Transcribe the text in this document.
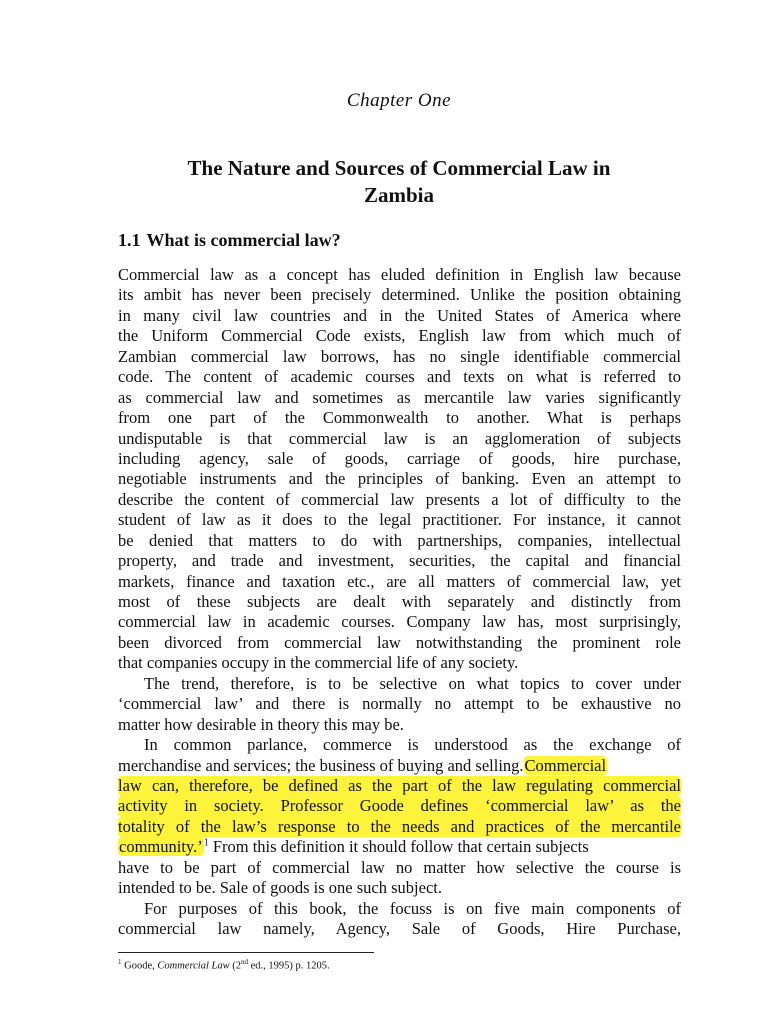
Chapter One
The Nature and Sources of Commercial Law in
Zambia
1.1 What is commercial law?
Commercial law as a concept has eluded definition in English law because
its ambit has never been precisely determined. Unlike the position obtaining
in many civil law countries and in the United States of America where
the Uniform Commercial Code exists, English law from which much of
Zambian commercial law borrows, has no single identifiable commercial
code. The content of academic courses and texts on what is referred to
as commercial law and sometimes as mercantile law varies significantly
from one part of the Commonwealth to another. What is perhaps
undisputable is that commercial law is an agglomeration of subjects
including agency, sale of goods, carriage of goods, hire purchase,
negotiable instruments and the principles of banking. Even an attempt to
describe the content of commercial law presents a lot of difficulty to the
student of law as it does to the legal practitioner. For instance, it cannot
be denied that matters to do with partnerships, companies, intellectual
property, and trade and investment, securities, the capital and financial
markets, finance and taxation etc., are all matters of commercial law, yet
most of these subjects are dealt with separately and distinctly from
commercial law in academic courses. Company law has, most surprisingly,
been divorced from commercial law notwithstanding the prominent role
that companies occupy in the commercial life of any society.
The trend, therefore, is to be selective on what topics to cover under
‘commercial law’ and there is normally no attempt to be exhaustive no
matter how desirable in theory this may be.
In common parlance, commerce is understood as the exchange of
merchandise and services; the business of buying and selling.Commercial
law can, therefore, be defined as the part of the law regulating commercial
activity in society. Professor Goode defines ‘commercial law’ as the
totality of the law’s response to the needs and practices of the mercantile
community.’$^1$ From this definition it should follow that certain subjects
have to be part of commercial law no matter how selective the course is
intended to be. Sale of goods is one such subject.
For purposes of this book, the focuss is on five main components of
commercial law namely, Agency, Sale of Goods, Hire Purchase,
$^1$ Goode, Commercial Law (2nd ed., 1995) p. 1205.
